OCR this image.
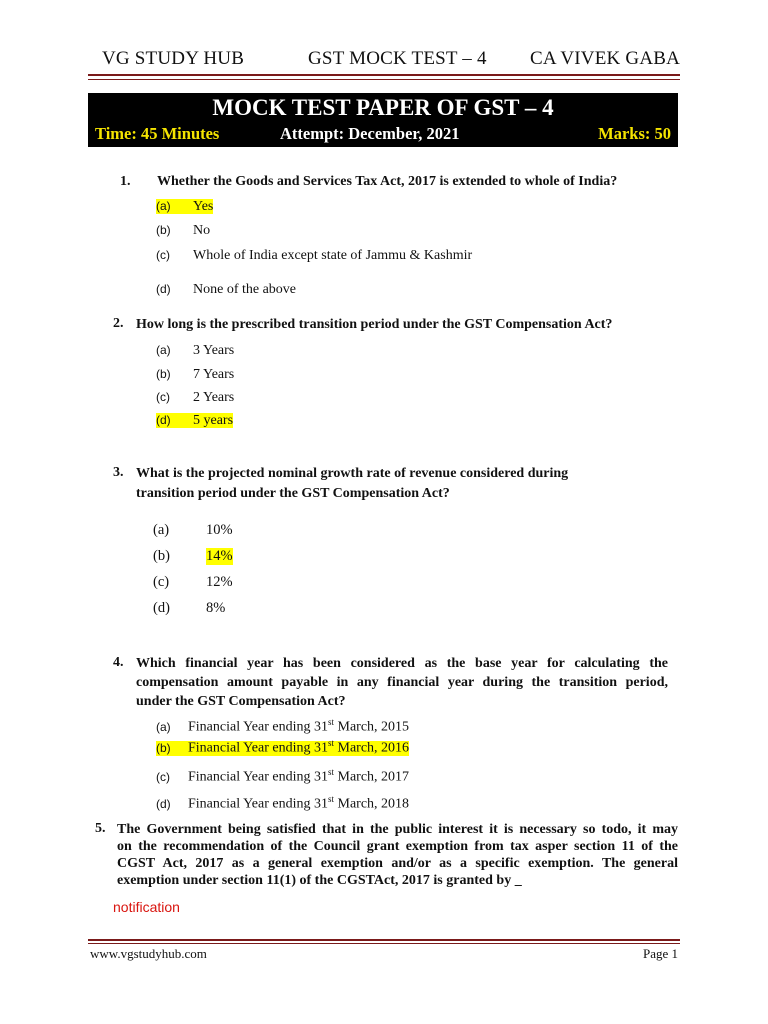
VG STUDY HUB	GST MOCK TEST – 4 CA VIVEK GABA
MOCK TEST PAPER OF GST – 4
Time: 45 Minutes	Attempt: December, 2021	Marks: 50
1. Whether the Goods and Services Tax Act, 2017 is extended to whole of India?
(a) Yes
(b) No
(c) Whole of India except state of Jammu & Kashmir
(d) None of the above
2. How long is the prescribed transition period under the GST Compensation Act?
(a) 3 Years
(b) 7 Years
(c) 2 Years
(d) 5 years
3. What is the projected nominal growth rate of revenue considered during
transition period under the GST Compensation Act?
(a)	10%
(b) 14%
(c)	12%
(d) 8%
4. Which financial year has been considered as the base year for calculating the
compensation amount payable in any financial year during the transition period,
under the GST Compensation Act?
(a) Financial Year ending 31st March, 2015
(b) Financial Year ending 31st March, 2016
(c) Financial Year ending 31st March, 2017
(d) Financial Year ending 31st March, 2018
5. The Government being satisfied that in the public interest it is necessary so todo, it may
on the recommendation of the Council grant exemption from tax asper section 11 of the
CGST Act, 2017 as a general exemption and/or as a specific exemption. The general
exemption under section 11(1) of the CGSTAct, 2017 is granted by _
notification
www.vgstudyhub.com	Page 1
